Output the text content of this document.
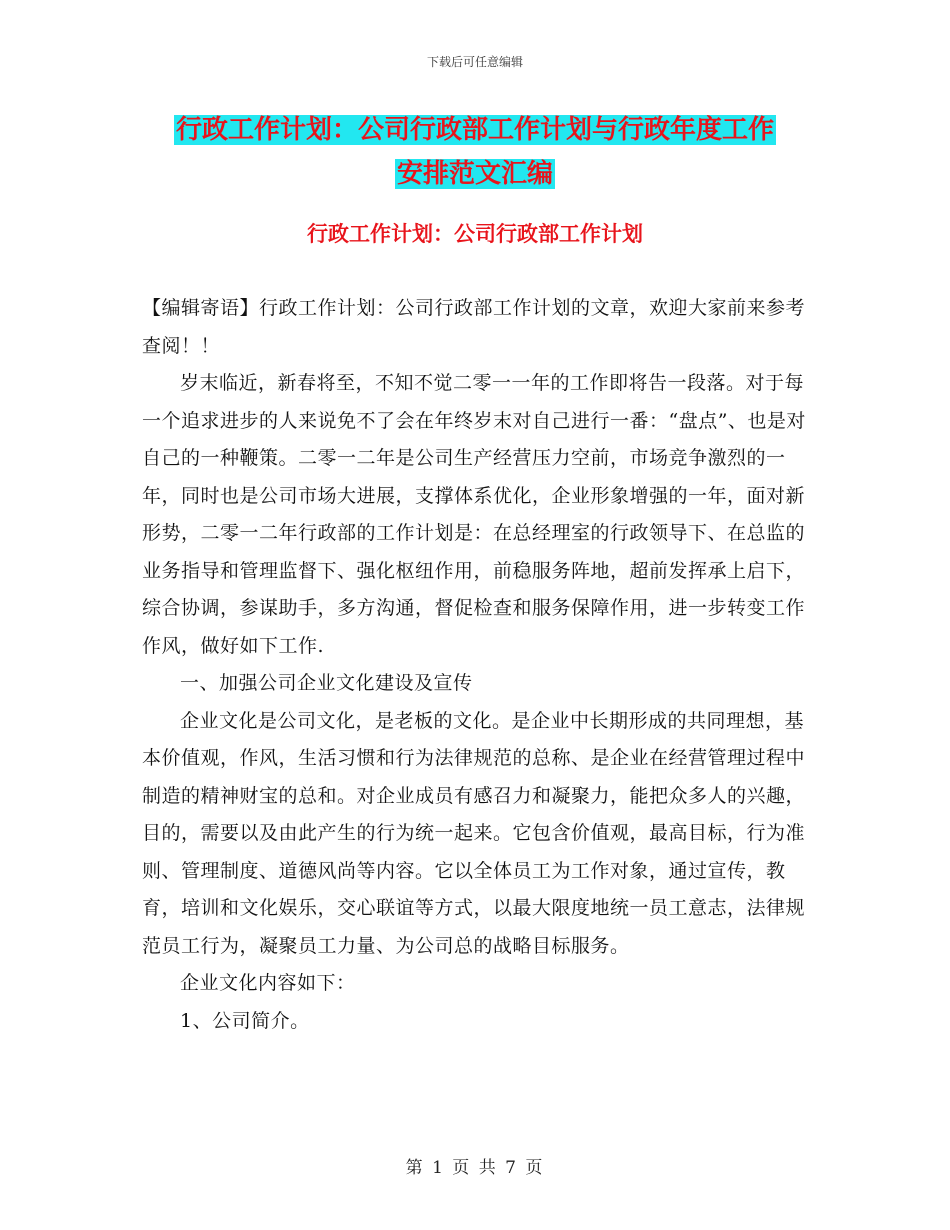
下载后可任意编辑
行政工作计划：公司行政部工作计划与行政年度工作
安排范文汇编
行政工作计划：公司行政部工作计划

【编辑寄语】行政工作计划：公司行政部工作计划的文章，欢迎大家前来参考查阅！！

岁末临近，新春将至，不知不觉二零一一年的工作即将告一段落。对于每一个追求进步的人来说免不了会在年终岁末对自己进行一番：“盘点”、也是对自己的一种鞭策。二零一二年是公司生产经营压力空前，市场竞争激烈的一年，同时也是公司市场大进展，支撑体系优化，企业形象增强的一年，面对新形势，二零一二年行政部的工作计划是：在总经理室的行政领导下、在总监的业务指导和管理监督下、强化枢纽作用，前稳服务阵地，超前发挥承上启下，综合协调，参谋助手，多方沟通，督促检查和服务保障作用，进一步转变工作作风，做好如下工作.

一、加强公司企业文化建设及宣传

企业文化是公司文化，是老板的文化。是企业中长期形成的共同理想，基本价值观，作风，生活习惯和行为法律规范的总称、是企业在经营管理过程中制造的精神财宝的总和。对企业成员有感召力和凝聚力，能把众多人的兴趣，目的，需要以及由此产生的行为统一起来。它包含价值观，最高目标，行为准则、管理制度、道德风尚等内容。它以全体员工为工作对象，通过宣传，教育，培训和文化娱乐，交心联谊等方式，以最大限度地统一员工意志，法律规范员工行为，凝聚员工力量、为公司总的战略目标服务。

企业文化内容如下：

1、公司简介。

第 1 页 共 7 页
